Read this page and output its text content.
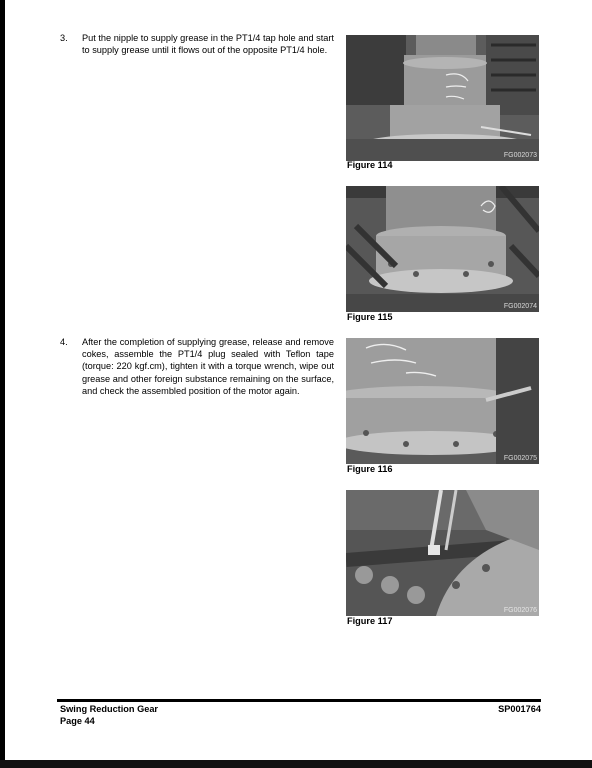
3. Put the nipple to supply grease in the PT1/4 tap hole and start to supply grease until it flows out of the opposite PT1/4 hole.
4. After the completion of supplying grease, release and remove cokes, assemble the PT1/4 plug sealed with Teflon tape (torque: 220 kgf.cm), tighten it with a torque wrench, wipe out grease and other foreign substance remaining on the surface, and check the assembled position of the motor again.
FG002073
Figure 114
FG002074
Figure 115
FG002075
Figure 116
FG002076
Figure 117
Swing Reduction Gear
Page 44
SP001764
